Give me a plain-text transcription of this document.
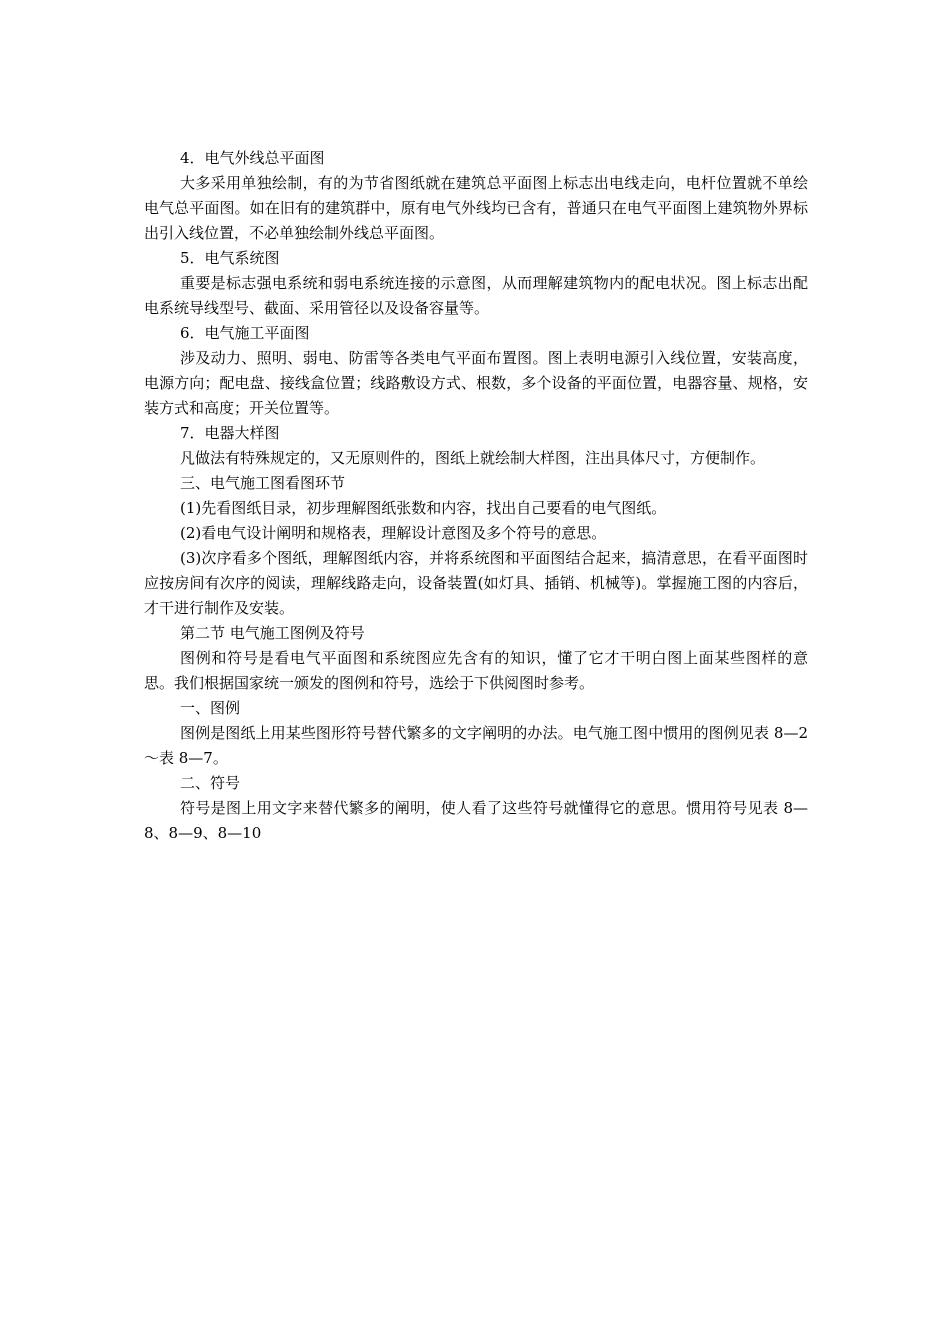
4．电气外线总平面图

大多采用单独绘制，有的为节省图纸就在建筑总平面图上标志出电线走向，电杆位置就不单绘电气总平面图。如在旧有的建筑群中，原有电气外线均已含有，普通只在电气平面图上建筑物外界标出引入线位置，不必单独绘制外线总平面图。

5．电气系统图

重要是标志强电系统和弱电系统连接的示意图，从而理解建筑物内的配电状况。图上标志出配电系统导线型号、截面、采用管径以及设备容量等。

6．电气施工平面图

涉及动力、照明、弱电、防雷等各类电气平面布置图。图上表明电源引入线位置，安装高度，电源方向；配电盘、接线盒位置；线路敷设方式、根数，多个设备的平面位置，电器容量、规格，安装方式和高度；开关位置等。

7．电器大样图

凡做法有特殊规定的，又无原则件的，图纸上就绘制大样图，注出具体尺寸，方便制作。

三、电气施工图看图环节

(1)先看图纸目录，初步理解图纸张数和内容，找出自己要看的电气图纸。

(2)看电气设计阐明和规格表，理解设计意图及多个符号的意思。

(3)次序看多个图纸，理解图纸内容，并将系统图和平面图结合起来，搞清意思，在看平面图时应按房间有次序的阅读，理解线路走向，设备装置(如灯具、插销、机械等)。掌握施工图的内容后，才干进行制作及安装。

第二节 电气施工图例及符号

图例和符号是看电气平面图和系统图应先含有的知识，懂了它才干明白图上面某些图样的意思。我们根据国家统一颁发的图例和符号，选绘于下供阅图时参考。

一、图例

图例是图纸上用某些图形符号替代繁多的文字阐明的办法。电气施工图中惯用的图例见表 8—2～表 8—7。

二、符号

符号是图上用文字来替代繁多的阐明，使人看了这些符号就懂得它的意思。惯用符号见表 8—8、8—9、8—10
